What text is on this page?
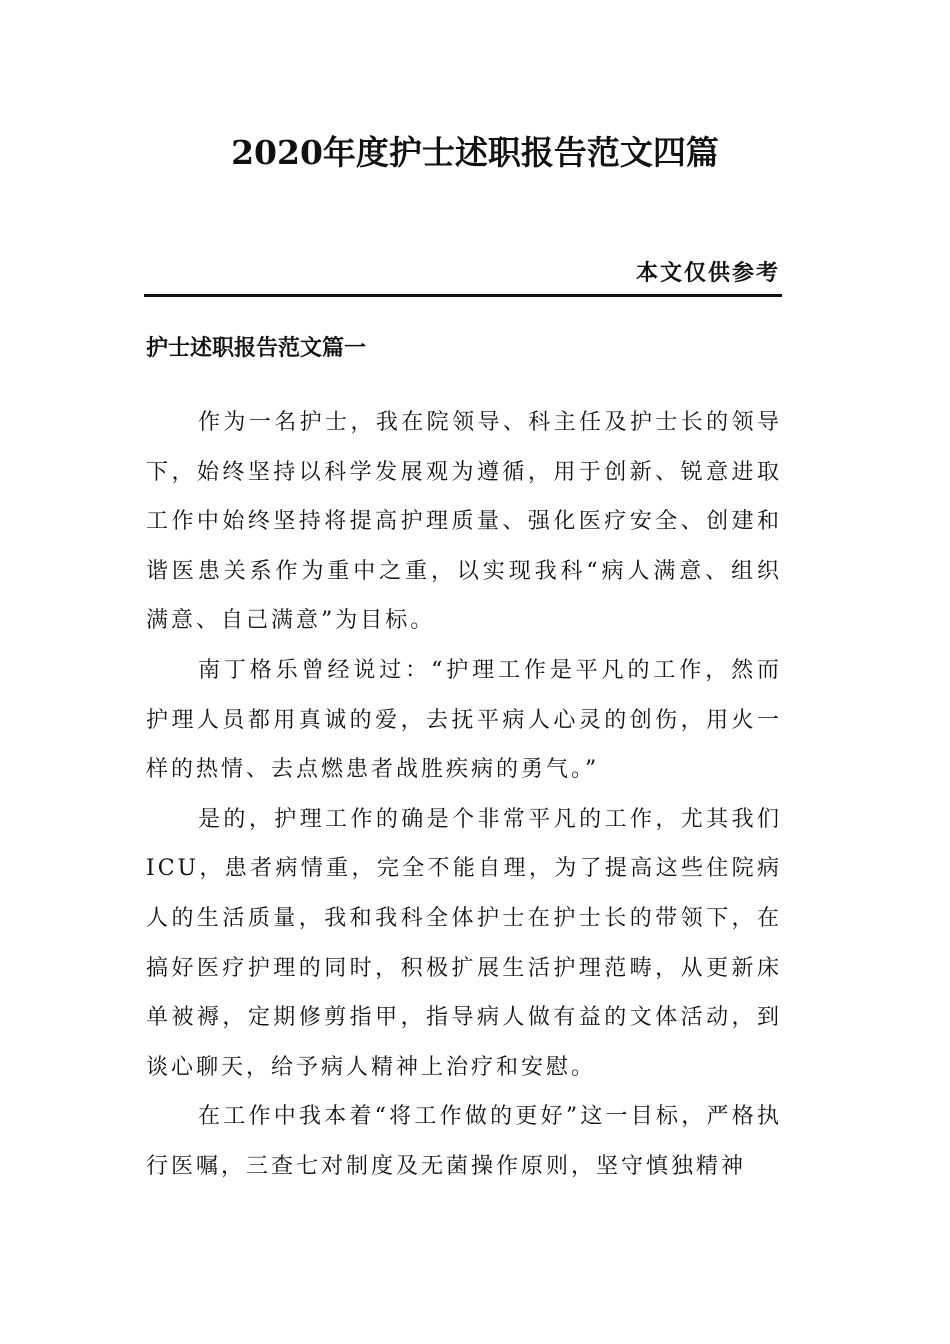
2020年度护士述职报告范文四篇
本文仅供参考
护士述职报告范文篇一

作为一名护士，我在院领导、科主任及护士长的领导下，始终坚持以科学发展观为遵循，用于创新、锐意进取工作中始终坚持将提高护理质量、强化医疗安全、创建和谐医患关系作为重中之重，以实现我科“病人满意、组织满意、自己满意”为目标。

南丁格乐曾经说过：“护理工作是平凡的工作，然而护理人员都用真诚的爱，去抚平病人心灵的创伤，用火一样的热情、去点燃患者战胜疾病的勇气。”

是的，护理工作的确是个非常平凡的工作，尤其我们ICU，患者病情重，完全不能自理，为了提高这些住院病人的生活质量，我和我科全体护士在护士长的带领下，在搞好医疗护理的同时，积极扩展生活护理范畴，从更新床单被褥，定期修剪指甲，指导病人做有益的文体活动，到谈心聊天，给予病人精神上治疗和安慰。

在工作中我本着“将工作做的更好”这一目标，严格执行医嘱，三查七对制度及无菌操作原则，坚守慎独精神
